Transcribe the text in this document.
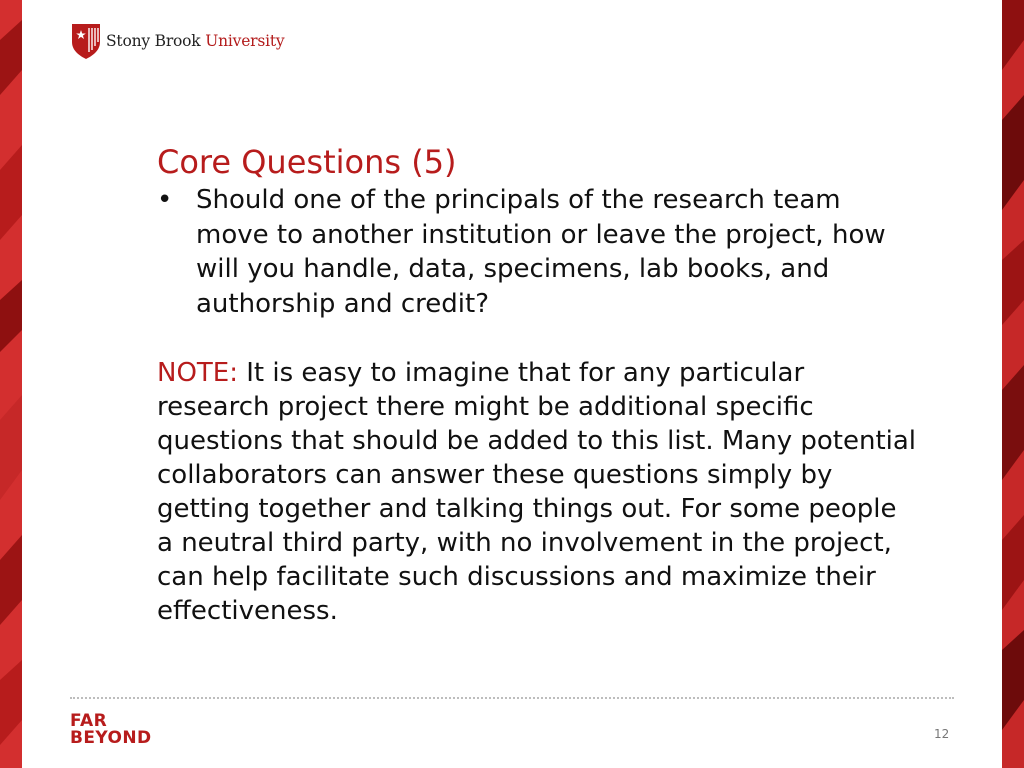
Stony Brook University
Core Questions (5)
• Should one of the principals of the research team move to another institution or leave the project, how will you handle, data, specimens, lab books, and authorship and credit?
NOTE: It is easy to imagine that for any particular research project there might be additional specific questions that should be added to this list. Many potential collaborators can answer these questions simply by getting together and talking things out. For some people a neutral third party, with no involvement in the project, can help facilitate such discussions and maximize their effectiveness.
FAR
BEYOND	12
